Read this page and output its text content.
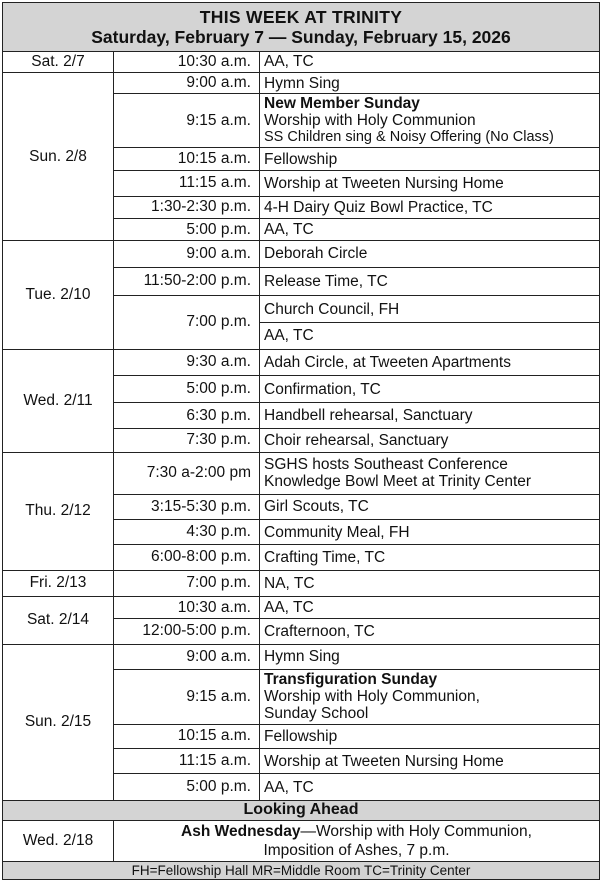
THIS WEEK AT TRINITY
Saturday, February 7 — Sunday, February 15, 2026		

Sat. 2/7	10:30 a.m.	AA, TC

Sun. 2/8	9:00 a.m.	Hymn Sing

	9:15 a.m.	New Member Sunday
Worship with Holy Communion
SS Children sing & Noisy Offering (No Class)

	10:15 a.m.	Fellowship

	11:15 a.m.	Worship at Tweeten Nursing Home

	1:30-2:30 p.m.	4-H Dairy Quiz Bowl Practice, TC

	5:00 p.m.	AA, TC

Tue. 2/10	9:00 a.m.	Deborah Circle

	11:50-2:00 p.m.	Release Time, TC

	7:00 p.m.	Church Council, FH

		AA, TC

Wed. 2/11	9:30 a.m.	Adah Circle, at Tweeten Apartments

	5:00 p.m.	Confirmation, TC

	6:30 p.m.	Handbell rehearsal, Sanctuary

	7:30 p.m.	Choir rehearsal, Sanctuary

Thu. 2/12	7:30 a-2:00 pm	SGHS hosts Southeast Conference
Knowledge Bowl Meet at Trinity Center

	3:15-5:30 p.m.	Girl Scouts, TC

	4:30 p.m.	Community Meal, FH

	6:00-8:00 p.m.	Crafting Time, TC

Fri. 2/13	7:00 p.m.	NA, TC

Sat. 2/14	10:30 a.m.	AA, TC

	12:00-5:00 p.m.	Crafternoon, TC

Sun. 2/15	9:00 a.m.	Hymn Sing

	9:15 a.m.	Transfiguration Sunday
Worship with Holy Communion,
Sunday School

	10:15 a.m.	Fellowship

	11:15 a.m.	Worship at Tweeten Nursing Home

	5:00 p.m.	AA, TC

Looking Ahead		
Wed. 2/18	Ash Wednesday—Worship with Holy Communion,
Imposition of Ashes, 7 p.m.	

FH=Fellowship Hall MR=Middle Room TC=Trinity Center		
